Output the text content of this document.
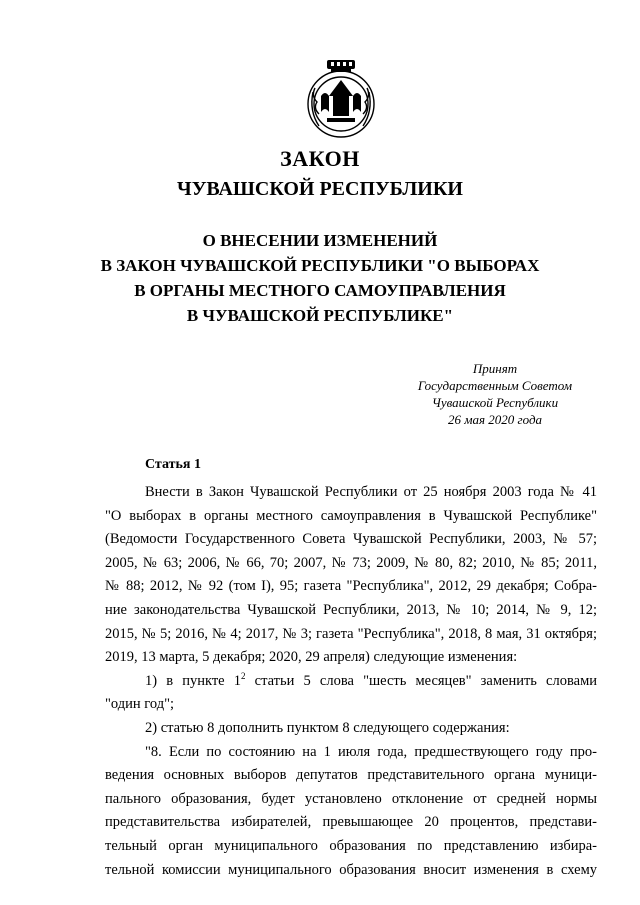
ЗАКОН
ЧУВАШСКОЙ РЕСПУБЛИКИ
О ВНЕСЕНИИ ИЗМЕНЕНИЙ
В ЗАКОН ЧУВАШСКОЙ РЕСПУБЛИКИ "О ВЫБОРАХ
В ОРГАНЫ МЕСТНОГО САМОУПРАВЛЕНИЯ
В ЧУВАШСКОЙ РЕСПУБЛИКЕ"
Принят
Государственным Советом
Чувашской Республики
26 мая 2020 года
Статья 1
Внести в Закон Чувашской Республики от 25 ноября 2003 года № 41
"О выборах в органы местного самоуправления в Чувашской Республике"
(Ведомости Государственного Совета Чувашской Республики, 2003, № 57;
2005, № 63; 2006, № 66, 70; 2007, № 73; 2009, № 80, 82; 2010, № 85; 2011,
№ 88; 2012, № 92 (том I), 95; газета "Республика", 2012, 29 декабря; Собра-
ние законодательства Чувашской Республики, 2013, № 10; 2014, № 9, 12;
2015, № 5; 2016, № 4; 2017, № 3; газета "Республика", 2018, 8 мая, 31 октября;
2019, 13 марта, 5 декабря; 2020, 29 апреля) следующие изменения:
1) в пункте $1^2$ статьи 5 слова "шесть месяцев" заменить словами
"один год";
2) статью 8 дополнить пунктом 8 следующего содержания:
"8. Если по состоянию на 1 июля года, предшествующего году про-
ведения основных выборов депутатов представительного органа муници-
пального образования, будет установлено отклонение от средней нормы
представительства избирателей, превышающее 20 процентов, представи-
тельный орган муниципального образования по представлению избира-
тельной комиссии муниципального образования вносит изменения в схему
